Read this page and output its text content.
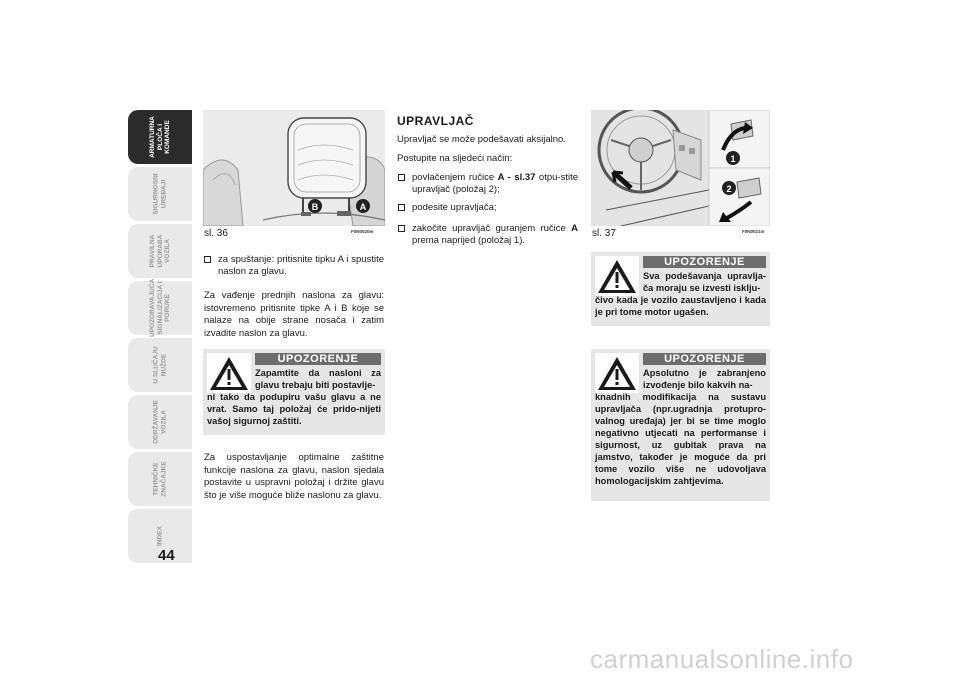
ARMATURNA
PLOČA I
KOMANDE
SIGURNOSNI
UREĐAJI
PRAVILNA
UPORABA
VOZILA
UPOZORAVAJUĆA
SIGNALIZACIJA I
PORUKE
U SLUČAJU
NUŽDE
ODRŽAVANJE
VOZILA
TEHNIČKE
ZNAČAJKE
INDEX
44
B	A
F0N0020m
sl. 36
za spuštanje: pritisnite tipku A i spustite naslon za glavu.
Za vađenje prednjih naslona za glavu: istovremeno pritisnite tipke A i B koje se nalaze na obije strane nosača i zatim izvadite naslon za glavu.
UPOZORENJE
Zapamtite da nasloni za glavu trebaju biti postavlje-
ni tako da podupiru vašu glavu a ne vrat. Samo taj položaj će prido-nijeti vašoj sigurnoj zaštiti.
Za uspostavljanje optimalne zaštitne funkcije naslona za glavu, naslon sjedala postavite u uspravni položaj i držite glavu što je više moguće bliže naslonu za glavu.
UPRAVLJAČ
Upravljač se može podešavati aksijalno.
Postupite na sljedeći način:
povlačenjem ručice A - sl.37 otpu-stite upravljač (položaj 2);
podesite upravljača;
zakočite upravljač guranjem ručice A prema naprijed (položaj 1).
1
2
F0N0021m
sl. 37
UPOZORENJE
Sva podešavanja upravlja-ča moraju se izvesti isklju-
čivo kada je vozilo zaustavljeno i kada je pri tome motor ugašen.
UPOZORENJE
Apsolutno je zabranjeno izvođenje bilo kakvih na-
knadnih modifikacija na sustavu upravljača (npr.ugradnja protupro-valnog uređaja) jer bi se time moglo negativno utjecati na performanse i sigurnost, uz gubitak prava na jamstvo, također je moguće da pri tome vozilo više ne udovoljava homologacijskim zahtjevima.
carmanualsonline.info
